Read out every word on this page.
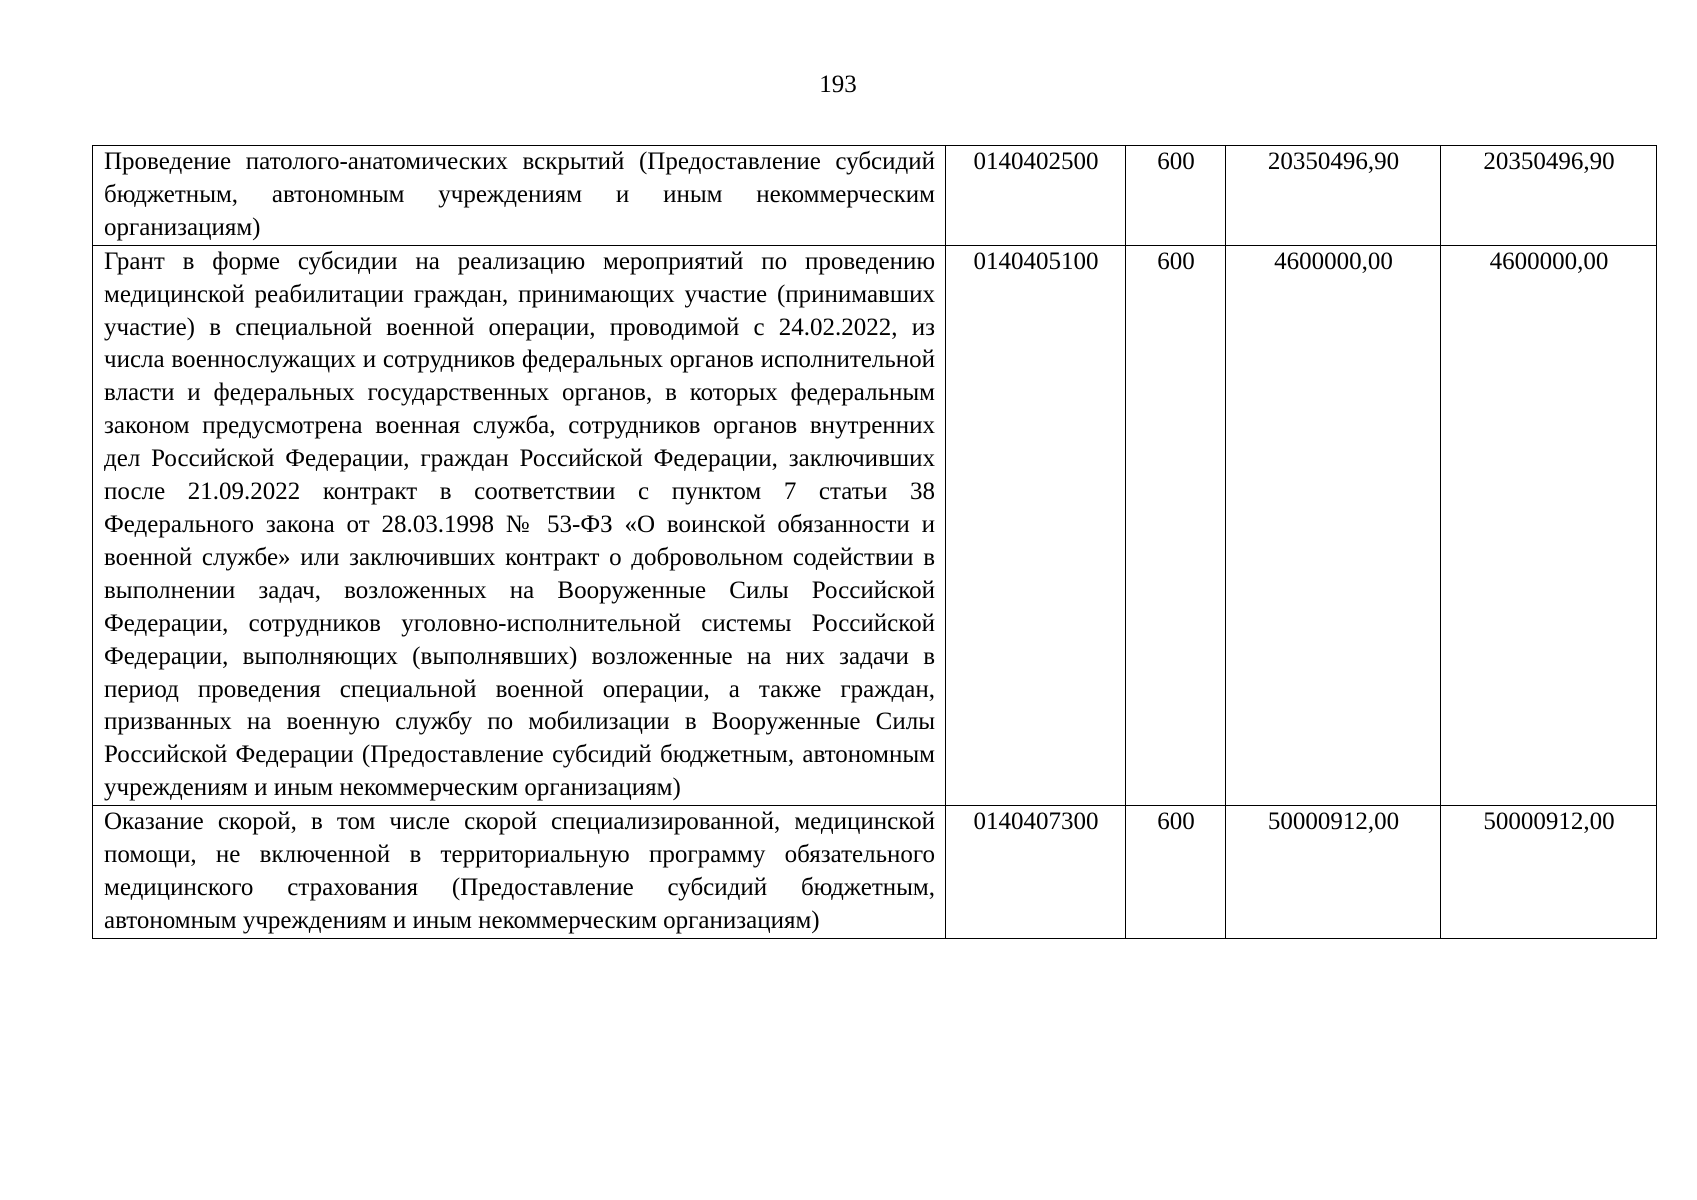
193
Проведение патолого-анатомических вскрытий (Предоставление субсидий бюджетным, автономным учреждениям и иным некоммерческим организациям)	0140402500	600	20350496,90	20350496,90
Грант в форме субсидии на реализацию мероприятий по проведению медицинской реабилитации граждан, принимающих участие (принимавших участие) в специальной военной операции, проводимой с 24.02.2022, из числа военнослужащих и сотрудников федеральных органов исполнительной власти и федеральных государственных органов, в которых федеральным законом предусмотрена военная служба, сотрудников органов внутренних дел Российской Федерации, граждан Российской Федерации, заключивших после 21.09.2022 контракт в соответствии с пунктом 7 статьи 38 Федерального закона от 28.03.1998 № 53-ФЗ «О воинской обязанности и военной службе» или заключивших контракт о добровольном содействии в выполнении задач, возложенных на Вооруженные Силы Российской Федерации, сотрудников уголовно-исполнительной системы Российской Федерации, выполняющих (выполнявших) возложенные на них задачи в период проведения специальной военной операции, а также граждан, призванных на военную службу по мобилизации в Вооруженные Силы Российской Федерации (Предоставление субсидий бюджетным, автономным учреждениям и иным некоммерческим организациям)	0140405100	600	4600000,00	4600000,00
Оказание скорой, в том числе скорой специализированной, медицинской помощи, не включенной в территориальную программу обязательного медицинского страхования (Предоставление субсидий бюджетным, автономным учреждениям и иным некоммерческим организациям)	0140407300	600	50000912,00	50000912,00
